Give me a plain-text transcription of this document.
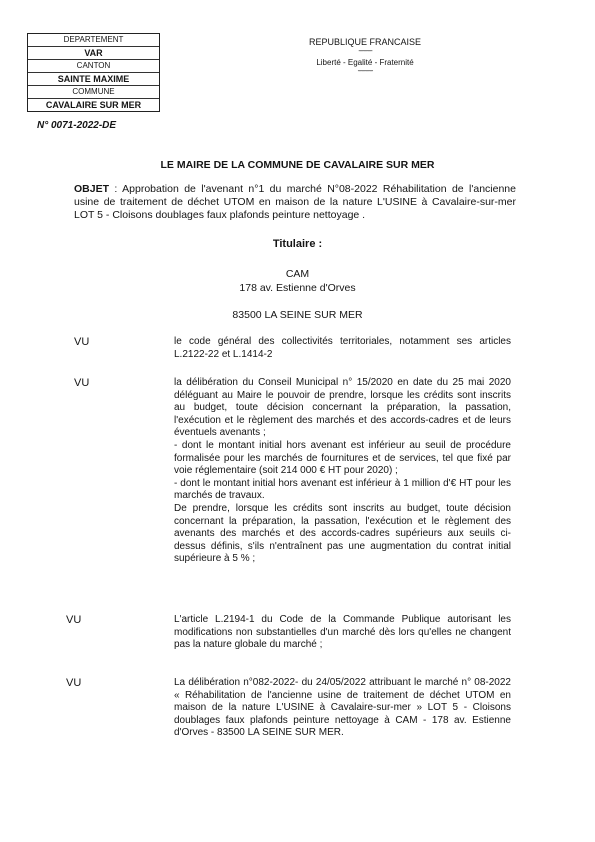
DEPARTEMENT
VAR
CANTON
SAINTE MAXIME
COMMUNE
CAVALAIRE SUR MER
REPUBLIQUE FRANCAISE
----------
Liberté - Egalité - Fraternité
-----------
N° 0071-2022-DE
LE MAIRE DE LA COMMUNE DE CAVALAIRE SUR MER
OBJET : Approbation de l'avenant n°1 du marché N°08-2022 Réhabilitation de l'ancienne usine de traitement de déchet UTOM en maison de la nature L'USINE à Cavalaire-sur-mer LOT 5 - Cloisons doublages faux plafonds peinture nettoyage .
Titulaire :
CAM
178 av. Estienne d'Orves
83500 LA SEINE SUR MER
VU	le code général des collectivités territoriales, notamment ses articles L.2122-22 et L.1414-2
VU	la délibération du Conseil Municipal n° 15/2020 en date du 25 mai 2020 déléguant au Maire le pouvoir de prendre, lorsque les crédits sont inscrits au budget, toute décision concernant la préparation, la passation, l'exécution et le règlement des marchés et des accords-cadres et de leurs éventuels avenants ;
- dont le montant initial hors avenant est inférieur au seuil de procédure formalisée pour les marchés de fournitures et de services, tel que fixé par voie réglementaire (soit 214 000 € HT pour 2020) ;
- dont le montant initial hors avenant est inférieur à 1 million d'€ HT pour les marchés de travaux.
De prendre, lorsque les crédits sont inscrits au budget, toute décision concernant la préparation, la passation, l'exécution et le règlement des avenants des marchés et des accords-cadres supérieurs aux seuils ci-dessus définis, s'ils n'entraînent pas une augmentation du contrat initial supérieure à 5 % ;
VU	L'article L.2194-1 du Code de la Commande Publique autorisant les modifications non substantielles d'un marché dès lors qu'elles ne changent pas la nature globale du marché ;
VU	La délibération n°082-2022- du 24/05/2022 attribuant le marché n° 08-2022 « Réhabilitation de l'ancienne usine de traitement de déchet UTOM en maison de la nature L'USINE à Cavalaire-sur-mer » LOT 5 - Cloisons doublages faux plafonds peinture nettoyage à CAM - 178 av. Estienne d'Orves - 83500 LA SEINE SUR MER.
